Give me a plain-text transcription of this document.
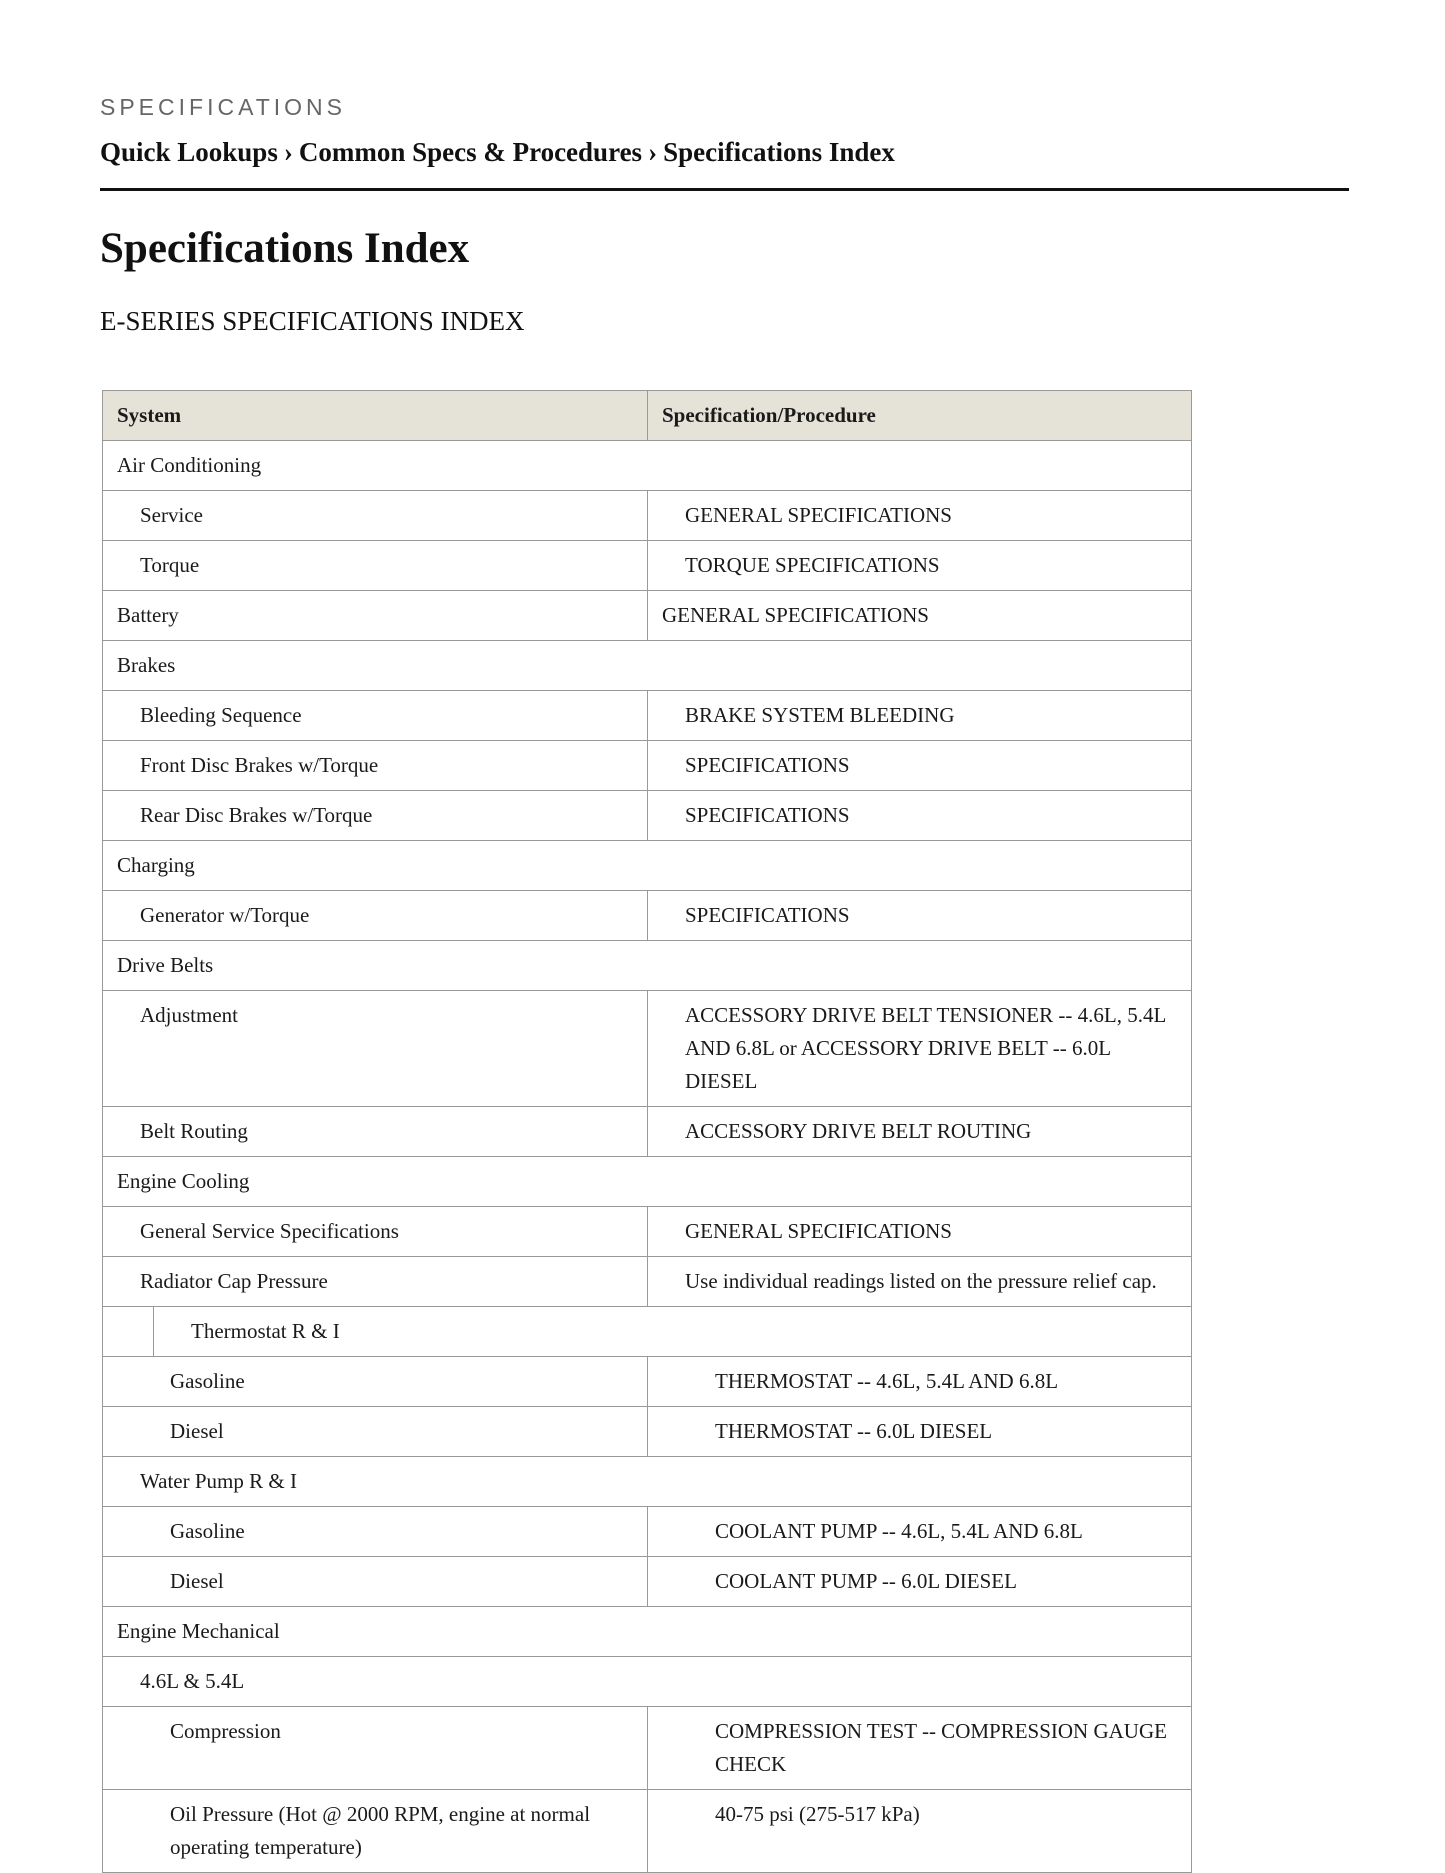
SPECIFICATIONS

Quick Lookups › Common Specs & Procedures › Specifications Index

Specifications Index
E-SERIES SPECIFICATIONS INDEX
System	Specification/Procedure
Air Conditioning	
Service	GENERAL SPECIFICATIONS
Torque	TORQUE SPECIFICATIONS
Battery	GENERAL SPECIFICATIONS
Brakes	
Bleeding Sequence	BRAKE SYSTEM BLEEDING
Front Disc Brakes w/Torque	SPECIFICATIONS
Rear Disc Brakes w/Torque	SPECIFICATIONS
Charging	
Generator w/Torque	SPECIFICATIONS
Drive Belts	
Adjustment	ACCESSORY DRIVE BELT TENSIONER -- 4.6L, 5.4L AND 6.8L or ACCESSORY DRIVE BELT -- 6.0L DIESEL
Belt Routing	ACCESSORY DRIVE BELT ROUTING
Engine Cooling	
General Service Specifications	GENERAL SPECIFICATIONS
Radiator Cap Pressure	Use individual readings listed on the pressure relief cap.

Thermostat R & I	

Gasoline	THERMOSTAT -- 4.6L, 5.4L AND 6.8L
Diesel	THERMOSTAT -- 6.0L DIESEL
Water Pump R & I	
Gasoline	COOLANT PUMP -- 4.6L, 5.4L AND 6.8L
Diesel	COOLANT PUMP -- 6.0L DIESEL
Engine Mechanical	
4.6L & 5.4L	
Compression	COMPRESSION TEST -- COMPRESSION GAUGE CHECK
Oil Pressure (Hot @ 2000 RPM, engine at normal operating temperature)	40-75 psi (275-517 kPa)
